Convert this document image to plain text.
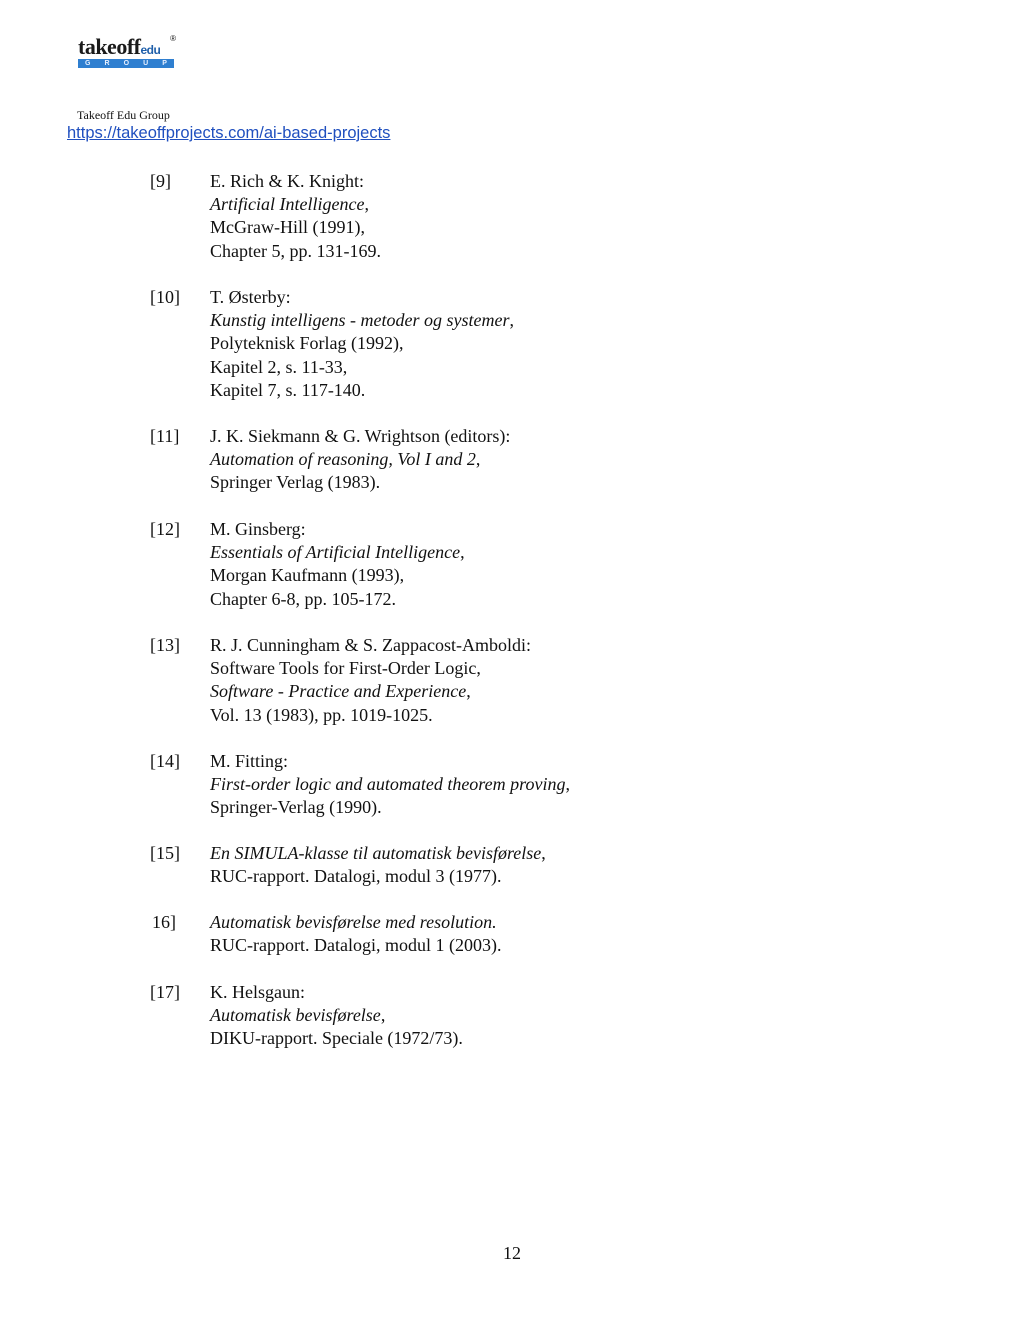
takeoffedu
®
G R O U P
Takeoff Edu Group
https://takeoffprojects.com/ai-based-projects
[9] E. Rich & K. Knight:
Artificial Intelligence,
McGraw-Hill (1991),
Chapter 5, pp. 131-169.
[10] T. Østerby:
Kunstig intelligens - metoder og systemer,
Polyteknisk Forlag (1992),
Kapitel 2, s. 11-33,
Kapitel 7, s. 117-140.
[11] J. K. Siekmann & G. Wrightson (editors):
Automation of reasoning, Vol I and 2,
Springer Verlag (1983).
[12] M. Ginsberg:
Essentials of Artificial Intelligence,
Morgan Kaufmann (1993),
Chapter 6-8, pp. 105-172.
[13] R. J. Cunningham & S. Zappacost-Amboldi:
Software Tools for First-Order Logic,
Software - Practice and Experience,
Vol. 13 (1983), pp. 1019-1025.
[14] M. Fitting:
First-order logic and automated theorem proving,
Springer-Verlag (1990).
[15] En SIMULA-klasse til automatisk bevisførelse,
RUC-rapport. Datalogi, modul 3 (1977).
16] Automatisk bevisførelse med resolution.
RUC-rapport. Datalogi, modul 1 (2003).
[17] K. Helsgaun:
Automatisk bevisførelse,
DIKU-rapport. Speciale (1972/73).
12
